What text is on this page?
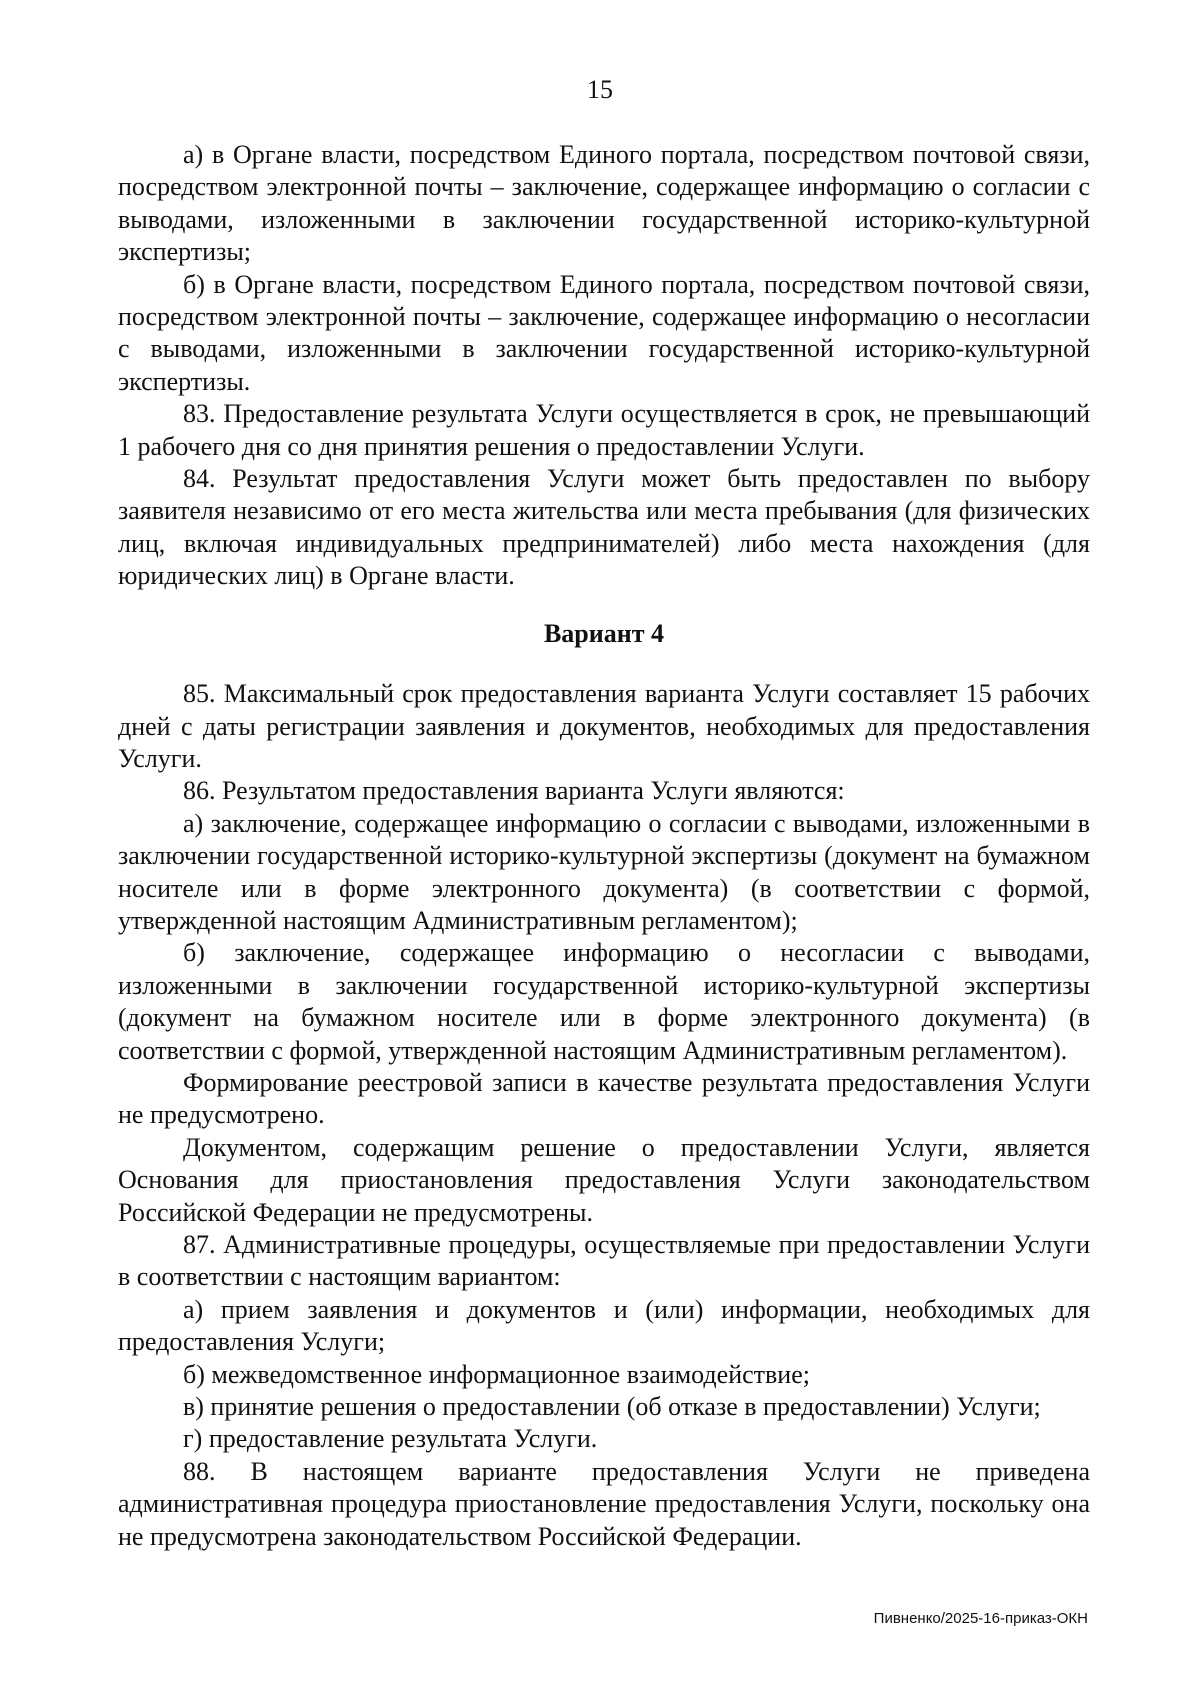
15

а) в Органе власти, посредством Единого портала, посредством почтовой связи, посредством электронной почты – заключение, содержащее информацию о согласии с выводами, изложенными в заключении государственной историко-культурной экспертизы;

б) в Органе власти, посредством Единого портала, посредством почтовой связи, посредством электронной почты – заключение, содержащее информацию о несогласии с выводами, изложенными в заключении государственной историко-культурной экспертизы.

83. Предоставление результата Услуги осуществляется в срок, не превышающий 1 рабочего дня со дня принятия решения о предоставлении Услуги.

84. Результат предоставления Услуги может быть предоставлен по выбору заявителя независимо от его места жительства или места пребывания (для физических лиц, включая индивидуальных предпринимателей) либо места нахождения (для юридических лиц) в Органе власти.

Вариант 4

85. Максимальный срок предоставления варианта Услуги составляет 15 рабочих дней с даты регистрации заявления и документов, необходимых для предоставления Услуги.

86. Результатом предоставления варианта Услуги являются:

а) заключение, содержащее информацию о согласии с выводами, изложенными в заключении государственной историко-культурной экспертизы (документ на бумажном носителе или в форме электронного документа) (в соответствии с формой, утвержденной настоящим Административным регламентом);

б) заключение, содержащее информацию о несогласии с выводами, изложенными в заключении государственной историко-культурной экспертизы (документ на бумажном носителе или в форме электронного документа) (в соответствии с формой, утвержденной настоящим Административным регламентом).

Формирование реестровой записи в качестве результата предоставления Услуги не предусмотрено.

Документом, содержащим решение о предоставлении Услуги, является Основания для приостановления предоставления Услуги законодательством Российской Федерации не предусмотрены.

87. Административные процедуры, осуществляемые при предоставлении Услуги в соответствии с настоящим вариантом:

а) прием заявления и документов и (или) информации, необходимых для предоставления Услуги;

б) межведомственное информационное взаимодействие;

в) принятие решения о предоставлении (об отказе в предоставлении) Услуги;

г) предоставление результата Услуги.

88. В настоящем варианте предоставления Услуги не приведена административная процедура приостановление предоставления Услуги, поскольку она не предусмотрена законодательством Российской Федерации.

Пивненко/2025-16-приказ-ОКН
